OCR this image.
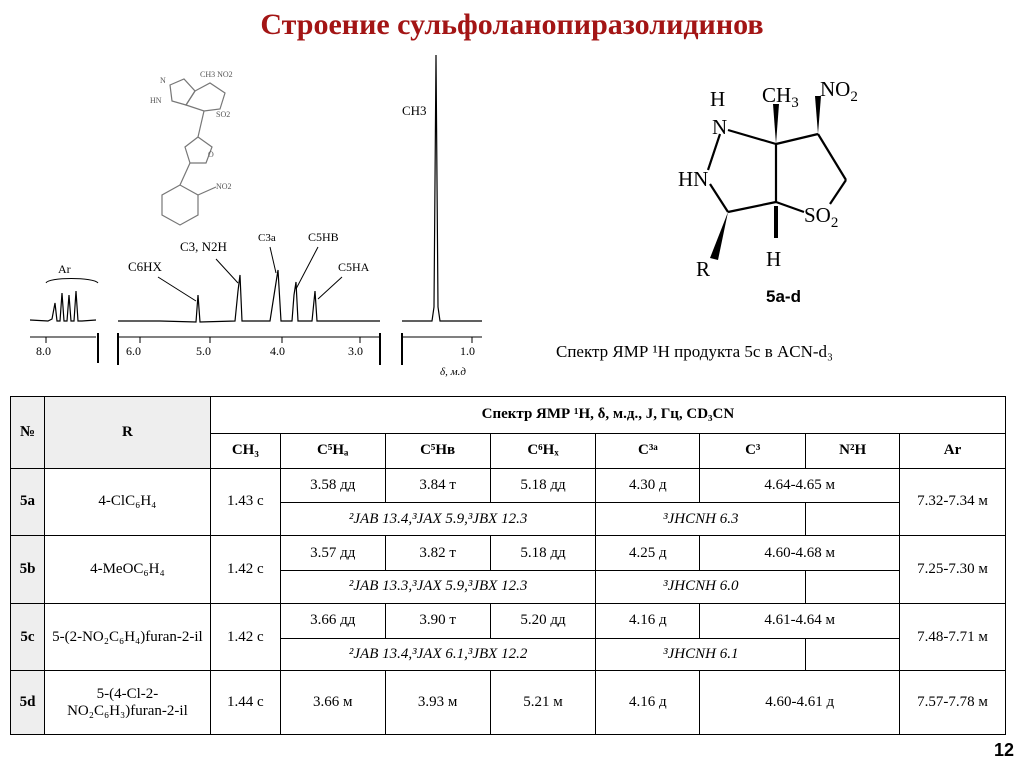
Строение сульфоланопиразолидинов
N
HN
CH3 NO2
SO2
O
NO2
Ar
8.0	6.0	5.0	4.0	3.0
C6HX
C3, N2H
C3a	C5HB
C5HA
CH3
1.0
δ, м.д
H
N
HN
$CH_3$
$NO_2$
$SO_2$
H
R
5a-d
Спектр ЯМР ¹Н продукта 5c в ACN-d₃
№	R	Спектр ЯМР ¹Н, δ, м.д., J, Гц, CD₃CN							
		CH₃	C⁵Hₐ	C⁵Hʙ	C⁶Hₓ	C³ᵃ	C³	N²H	Ar
5a	4-ClC₆H₄	1.43 с	3.58 дд	3.84 т	5.18 дд	4.30 д	4.64-4.65 м		7.32-7.34 м
			²JAB 13.4,³JAX 5.9,³JBX 12.3			³JHCNH 6.3			
5b	4-MeOC₆H₄	1.42 с	3.57 дд	3.82 т	5.18 дд	4.25 д	4.60-4.68 м		7.25-7.30 м
			²JAB 13.3,³JAX 5.9,³JBX 12.3			³JHCNH 6.0			
5c	5-(2-NO₂C₆H₄)furan-2-il	1.42 с	3.66 дд	3.90 т	5.20 дд	4.16 д	4.61-4.64 м		7.48-7.71 м
			²JAB 13.4,³JAX 6.1,³JBX 12.2			³JHCNH 6.1			
5d	5-(4-Cl-2-NO₂C₆H₃)furan-2-il	1.44 с	3.66 м	3.93 м	5.21 м	4.16 д	4.60-4.61 д		7.57-7.78 м
12
